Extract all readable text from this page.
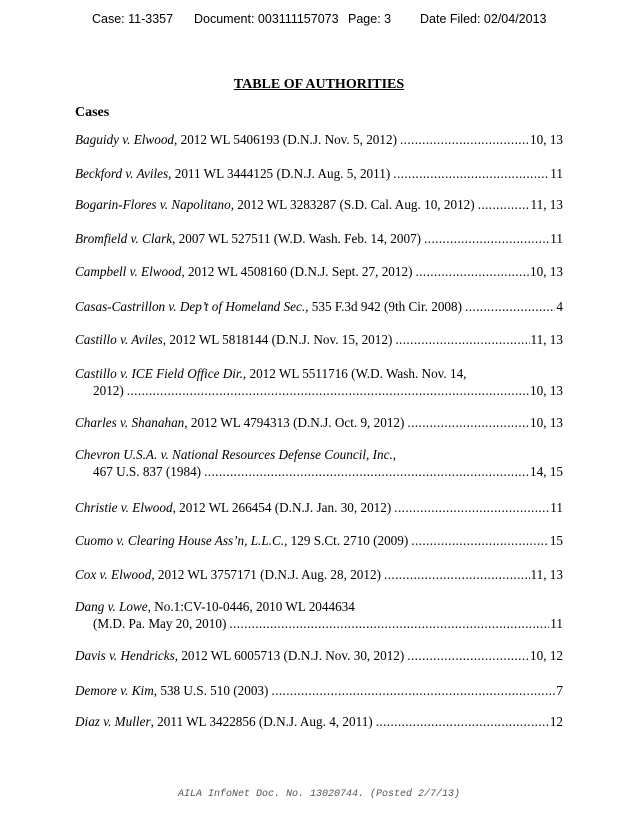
Case: 11-3357 Document: 003111157073 Page: 3 Date Filed: 02/04/2013
TABLE OF AUTHORITIES
Cases
Baguidy v. Elwood , 2012 WL 5406193 (D.N.J. Nov. 5, 2012) .....	10, 13
Beckford v. Aviles , 2011 WL 3444125 (D.N.J. Aug. 5, 2011) .....	11
Bogarin-Flores v. Napolitano , 2012 WL 3283287 (S.D. Cal. Aug. 10, 2012) .....	11, 13
Bromfield v. Clark , 2007 WL 527511 (W.D. Wash. Feb. 14, 2007) .....	11
Campbell v. Elwood , 2012 WL 4508160 (D.N.J. Sept. 27, 2012) .....	10, 13
Casas-Castrillon v. Dep’t of Homeland Sec. , 535 F.3d 942 (9th Cir. 2008) .....	4
Castillo v. Aviles , 2012 WL 5818144 (D.N.J. Nov. 15, 2012) .....	11, 13
Castillo v. ICE Field Office Dir. , 2012 WL 5511716 (W.D. Wash. Nov. 14,
2012) .....	10, 13
Charles v. Shanahan , 2012 WL 4794313 (D.N.J. Oct. 9, 2012) .....	10, 13
Chevron U.S.A. v. National Resources Defense Council, Inc. ,
467 U.S. 837 (1984) .....	14, 15
Christie v. Elwood , 2012 WL 266454 (D.N.J. Jan. 30, 2012) .....	11
Cuomo v. Clearing House Ass’n, L.L.C. , 129 S.Ct. 2710 (2009) .....	15
Cox v. Elwood , 2012 WL 3757171 (D.N.J. Aug. 28, 2012) .....	11, 13
Dang v. Lowe , No.1:CV-10-0446, 2010 WL 2044634
(M.D. Pa. May 20, 2010) .....	11
Davis v. Hendricks , 2012 WL 6005713 (D.N.J. Nov. 30, 2012) .....	10, 12
Demore v. Kim , 538 U.S. 510 (2003) .....	7
Diaz v. Muller , 2011 WL 3422856 (D.N.J. Aug. 4, 2011) .....	12
AILA InfoNet Doc. No. 13020744. (Posted 2/7/13)
